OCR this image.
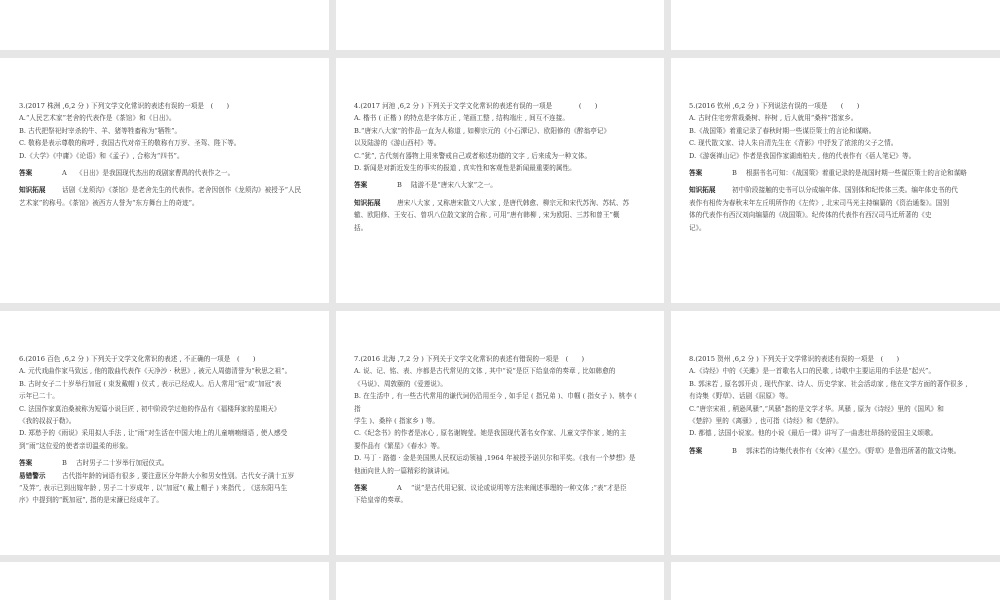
3.(2017 株洲 ,6,2 分 ) 下列文学文化常识的表述有误的一项是　(　　)
A.“人民艺术家”老舍的代表作是《茶馆》和《日出》。
B. 古代把祭祀时宰杀的牛、羊、猪等牲畜称为“牺牲”。
C. 敬称是表示尊敬的称呼 , 我国古代对帝王的敬称有万岁、圣驾、陛下等。
D.《大学》《中庸》《论语》和《孟子》, 合称为“四书”。
答案	A 《日出》是我国现代杰出的戏剧家曹禺的代表作之一。
知识拓展 话剧《龙须沟》《茶馆》是老舍先生的代表作。老舍因创作《龙须沟》被授予“人民
艺术家”的称号。《茶馆》被西方人誉为“东方舞台上的奇迹”。
4.(2017 河池 ,6,2 分 ) 下列关于文学文化常识的表述有误的一项是　　　　(　　)
A. 楷书 ( 正楷 ) 的特点是字体方正 , 笔画工整 , 结构端庄 , 间互不连接。
B.“唐宋八大家”的作品一直为人称道 , 如柳宗元的《小石潭记》、欧阳修的《醉翁亭记》
以及陆游的《游山西村》等。
C.“犹”, 古代刻有器物上用来警戒自己或者称述功德的文字 , 后来成为一种文体。
D. 新闻是对新近发生的事实的报道 , 真实性和客观性是新闻最重要的属性。
答案	B 陆游不是“唐宋八大家”之一。
知识拓展 唐宋八大家 , 又称唐宋散文八大家 , 是唐代韩愈、柳宗元和宋代苏洵、苏轼、苏
辙、欧阳修、王安石、曾巩八位散文家的合称 , 可用“唐有韩柳 , 宋为欧阳、三苏和曾王”概
括。
5.(2016 钦州 ,6,2 分 ) 下列说法有误的一项是　　(　　)
A. 古时住宅旁常栽桑树、梓树 , 后人就用“桑梓”指家乡。
B.《战国策》着重记录了春秋时期一些谋臣策士的言论和谋略。
C. 现代散文家、诗人朱自清先生在《背影》中抒发了浓浓的父子之情。
D.《游褒禅山记》作者是我国作家湖南柏夫 , 他的代表作有《蓓人笔记》等。
答案	B 根据书名可知：《战国策》着重记录的是战国时期一些谋臣策士的言论和谋略
知识拓展 初中阶段接触的史书可以分成编年体、国别体和纪传体三类。编年体史书的代
表作有相传为春秋末年左丘明所作的《左传》, 北宋司马光主持编纂的《资治通鉴》。国别
体的代表作有西汉刘向编纂的《战国策》。纪传体的代表作有西汉司马迁所著的《史
记》。
6.(2016 百色 ,6,2 分 ) 下列关于文学文化常识的表述 , 不正确的一项是　(　　)
A. 元代戏曲作家马致远 , 他的散曲代表作《天净沙 · 秋思》, 被元人周德清誉为“秋思之祖”。
B. 古时女子二十岁举行加冠 ( 束发戴帽 ) 仪式 , 表示已经成人。后人常用“冠”或“加冠”表
示年已二十。
C. 法国作家莫泊桑被称为短篇小说巨匠 , 初中阶段学过他的作品有《福楼拜家的星期天》
《我的叔叔于勒》。
D. 郑愁予的《雨说》采用拟人手法 , 让“雨”对生活在中国大地上的儿童喃喃细语 , 使人感受
到“雨”这位爱的使者亲切温柔的形象。
答案	B 古时男子二十岁举行加冠仪式。
易错警示 古代指年龄的词语有很多 , 要注意区分年龄大小和男女性别。古代女子满十五岁
“及笄”, 表示已到出嫁年龄 , 男子二十岁成年 , 以“加冠”( 戴上帽子 ) 来指代 , 《送东阳马生
序》中提到的“既加冠”, 指的是宋濂已经成年了。
7.(2016 北海 ,7,2 分 ) 下列关于文学文化常识的表述有错误的一项是　(　　)
A. 说、记、铭、表、序都是古代常见的文体 , 其中“说”是臣下给皇帝的奏章 , 比如韩愈的
《马说》、周敦颐的《爱莲说》。
B. 在生活中 , 有一些古代常用的谦代词仍沿用至今 , 如手足 ( 指兄弟 )、巾帼 ( 指女子 )、桃李 (
指
学生 )、桑梓 ( 指家乡 ) 等。
C.《纪念书》的作者是冰心 , 原名谢婉莹。她是我国现代著名女作家、儿童文学作家 , 她的主
要作品有《繁星》《春水》等。
D. 马丁 · 路德 · 金是美国黑人民权运动领袖 ,1964 年被授予诺贝尔和平奖。《我有一个梦想》是
他面向世人的一篇精彩的演讲词。
答案	A “说”是古代用记叙、议论或说明等方法来阐述事理的一种文体 ;“表”才是臣
下给皇帝的奏章。
8.(2015 贺州 ,6,2 分 ) 下列关于文学常识的表述有误的一项是　(　　)
A.《诗经》中的《关雎》是一首歌名人口的民歌 , 诗歌中主要运用的手法是“起兴”。
B. 郭沫若 , 原名郭开贞 , 现代作家、诗人、历史学家、社会活动家 , 他在文学方面的著作很多 ,
有诗集《野草》、话剧《屈原》等。
C.“唐宗宋祖 , 稍逊风骚”,“风骚”指的是文学才华。风骚 , 原为《诗经》里的《国风》和
《楚辞》里的《离骚》, 也可指《诗经》和《楚辞》。
D. 都德 , 法国小说家。他的小说《最后一课》讲写了一曲悲壮昂扬的爱国主义颂歌。
答案	B 郭沫若的诗集代表作有《女神》《星空》。《野草》是鲁迅所著的散文诗集。
